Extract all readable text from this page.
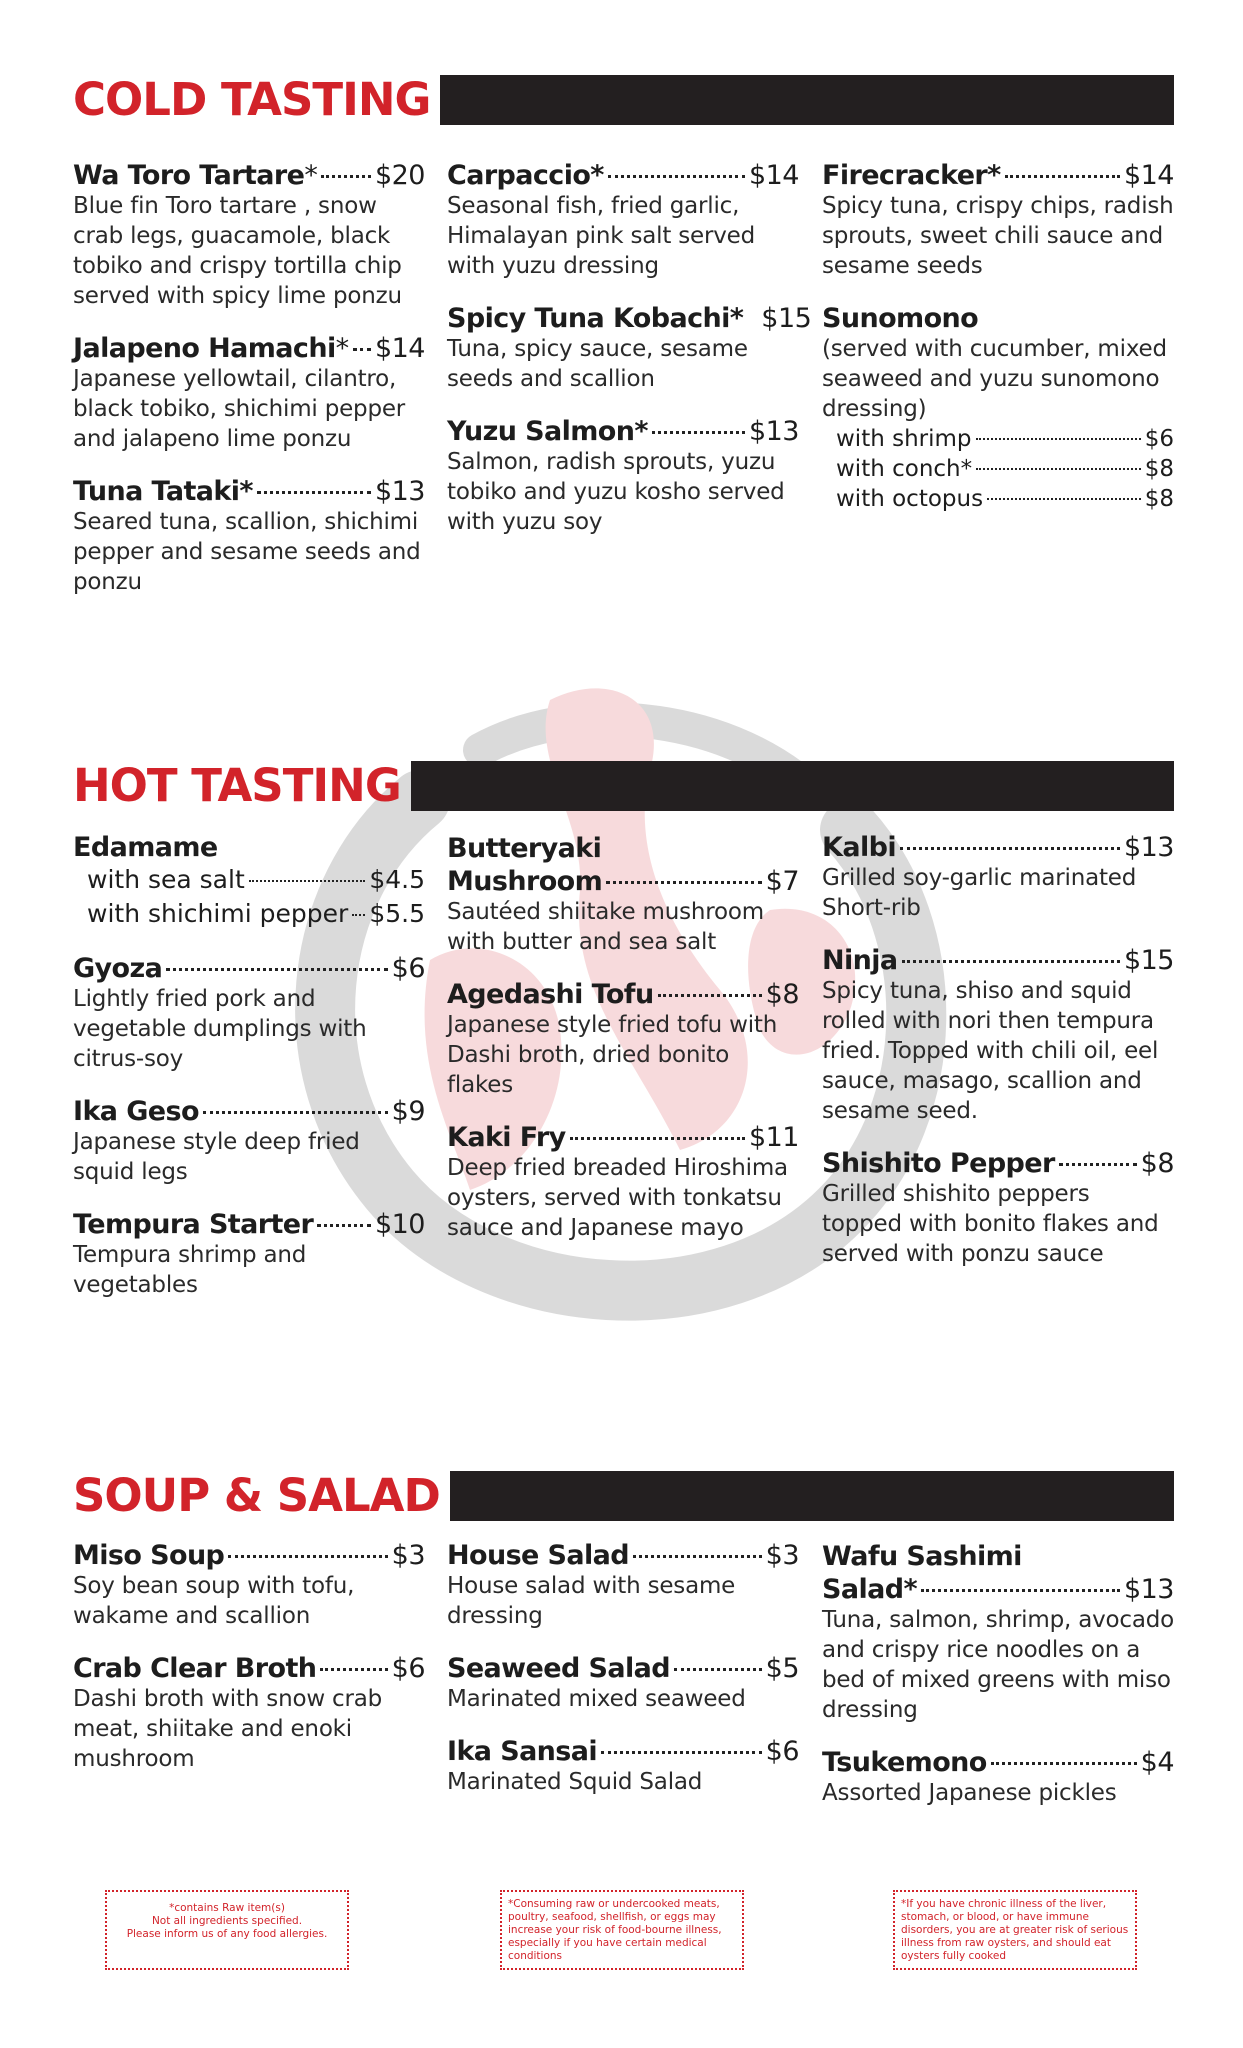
COLD TASTING
Wa Toro Tartare* $20
Blue fin Toro tartare , snow crab legs, guacamole, black tobiko and crispy tortilla chip served with spicy lime ponzu
Jalapeno Hamachi* $14
Japanese yellowtail, cilantro, black tobiko, shichimi pepper and jalapeno lime ponzu
Tuna Tataki*	$13
Seared tuna, scallion, shichimi pepper and sesame seeds and ponzu
Carpaccio*	$14
Seasonal fish, fried garlic, Himalayan pink salt served with yuzu dressing
Spicy Tuna Kobachi* $15
Tuna, spicy sauce, sesame seeds and scallion
Yuzu Salmon*	$13
Salmon, radish sprouts, yuzu tobiko and yuzu kosho served with yuzu soy
Firecracker*	$14
Spicy tuna, crispy chips, radish sprouts, sweet chili sauce and sesame seeds
Sunomono
(served with cucumber, mixed seaweed and yuzu sunomono dressing)
with shrimp	$6
with conch*	$8
with octopus	$8
HOT TASTING
Edamame
with sea salt	$4.5
with shichimi pepper $5.5
Gyoza	$6
Lightly fried pork and vegetable dumplings with citrus-soy
Ika Geso	$9
Japanese style deep fried squid legs
Tempura Starter $10
Tempura shrimp and vegetables
Butteryaki
Mushroom	$7
Sautéed shiitake mushroom with butter and sea salt
Agedashi Tofu	$8
Japanese style fried tofu with Dashi broth, dried bonito flakes
Kaki Fry	$11
Deep fried breaded Hiroshima oysters, served with tonkatsu sauce and Japanese mayo
Kalbi	$13
Grilled soy-garlic marinated Short-rib
Ninja	$15
Spicy tuna, shiso and squid rolled with nori then tempura fried. Topped with chili oil, eel sauce, masago, scallion and sesame seed.
Shishito Pepper	$8
Grilled shishito peppers topped with bonito flakes and served with ponzu sauce
SOUP & SALAD
Miso Soup	$3
Soy bean soup with tofu, wakame and scallion
Crab Clear Broth	$6
Dashi broth with snow crab meat, shiitake and enoki mushroom
House Salad	$3
House salad with sesame dressing
Seaweed Salad	$5
Marinated mixed seaweed
Ika Sansai	$6
Marinated Squid Salad
Wafu Sashimi
Salad*	$13
Tuna, salmon, shrimp, avocado and crispy rice noodles on a bed of mixed greens with miso dressing
Tsukemono	$4
Assorted Japanese pickles
*contains Raw item(s)
Not all ingredients specified.
Please inform us of any food allergies.
*Consuming raw or undercooked meats, poultry, seafood, shellfish, or eggs may increase your risk of food-bourne illness, especially if you have certain medical conditions
*If you have chronic illness of the liver, stomach, or blood, or have immune disorders, you are at greater risk of serious illness from raw oysters, and should eat oysters fully cooked
